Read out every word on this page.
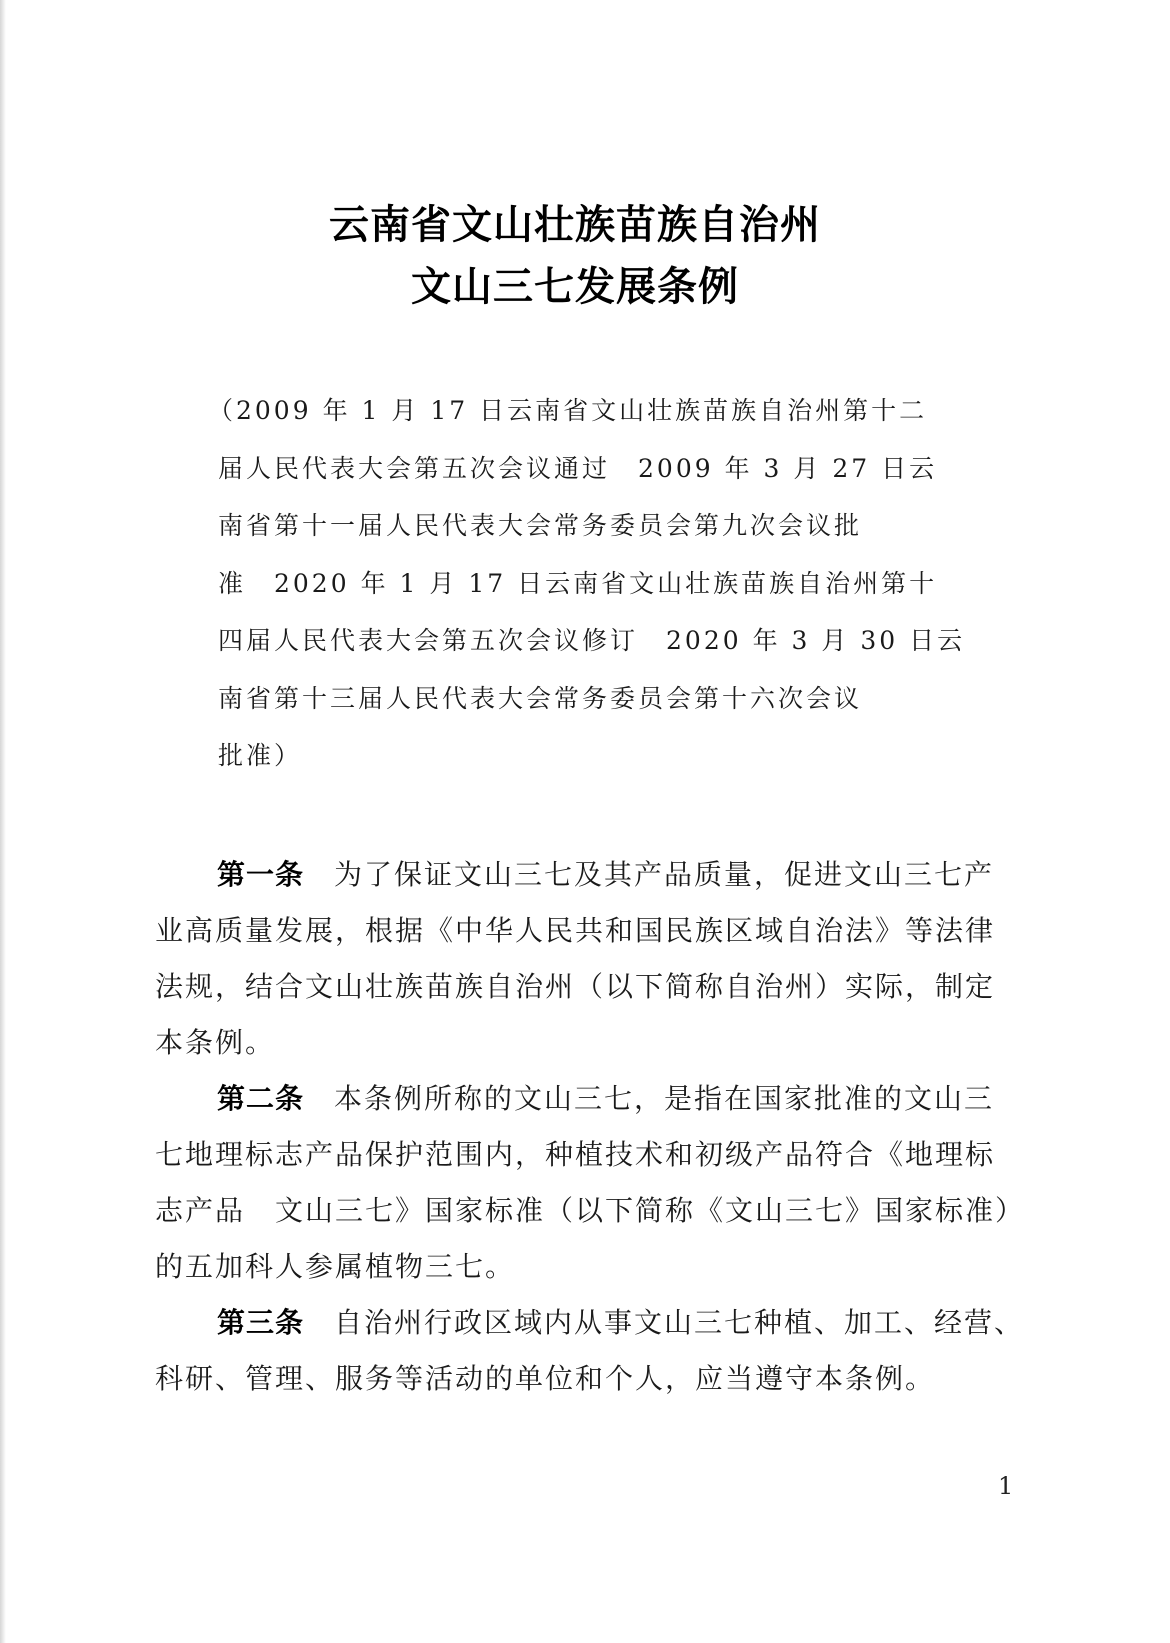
云南省文山壮族苗族自治州
文山三七发展条例
（2009 年 1 月 17 日云南省文山壮族苗族自治州第十二
届人民代表大会第五次会议通过　2009 年 3 月 27 日云
南省第十一届人民代表大会常务委员会第九次会议批
准　2020 年 1 月 17 日云南省文山壮族苗族自治州第十
四届人民代表大会第五次会议修订　2020 年 3 月 30 日云
南省第十三届人民代表大会常务委员会第十六次会议
批准）
第一条 为了保证文山三七及其产品质量，促进文山三七产
业高质量发展，根据《中华人民共和国民族区域自治法》等法律
法规，结合文山壮族苗族自治州（以下简称自治州）实际，制定
本条例。
第二条 本条例所称的文山三七，是指在国家批准的文山三
七地理标志产品保护范围内，种植技术和初级产品符合《地理标
志产品　文山三七》国家标准（以下简称《文山三七》国家标准）
的五加科人参属植物三七。
第三条 自治州行政区域内从事文山三七种植、加工、经营、
科研、管理、服务等活动的单位和个人，应当遵守本条例。
1
